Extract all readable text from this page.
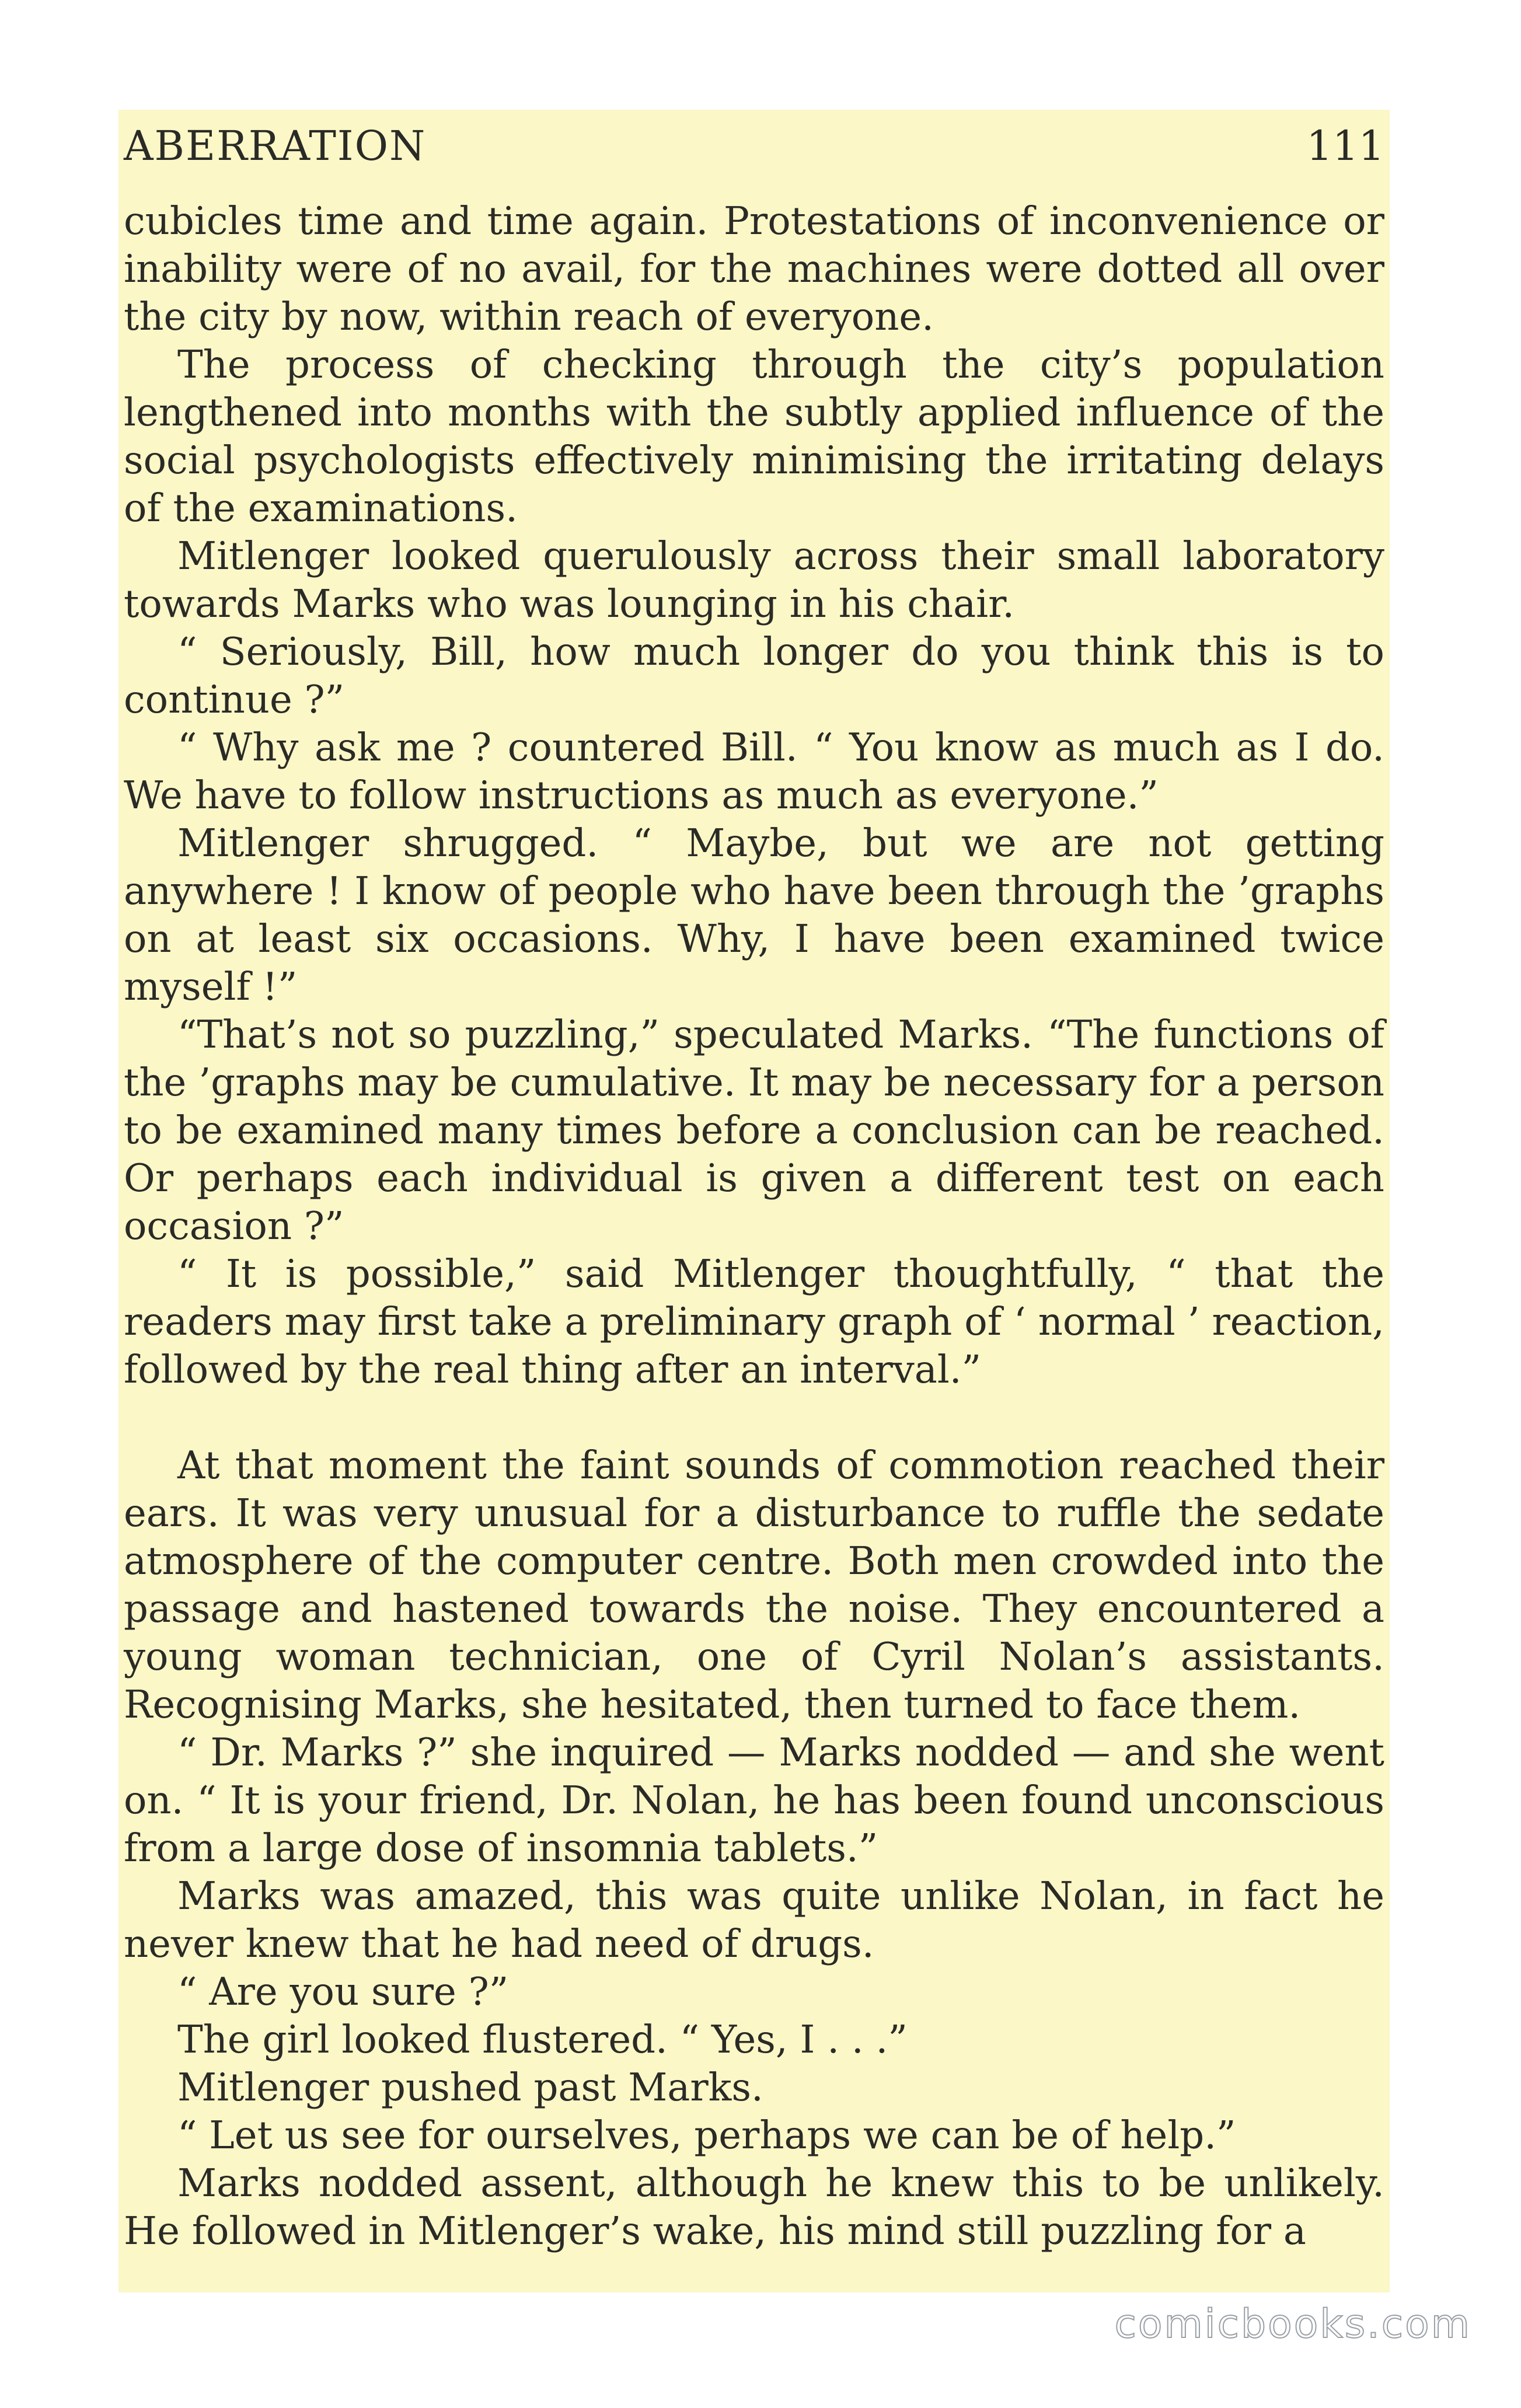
ABERRATION	111

cubicles time and time again. Protestations of inconvenience or inability were of no avail, for the machines were dotted all over the city by now, within reach of everyone.

The process of checking through the city’s population lengthened into months with the subtly applied influence of the social psychologists effectively minimising the irritating delays of the examinations.

Mitlenger looked querulously across their small laboratory towards Marks who was lounging in his chair.

“ Seriously, Bill, how much longer do you think this is to continue ?”

“ Why ask me ? countered Bill. “ You know as much as I do. We have to follow instructions as much as everyone.”

Mitlenger shrugged. “ Maybe, but we are not getting anywhere ! I know of people who have been through the ’graphs on at least six occasions. Why, I have been examined twice myself !”

“That’s not so puzzling,” speculated Marks. “The functions of the ’graphs may be cumulative. It may be necessary for a person to be examined many times before a conclusion can be reached. Or perhaps each individual is given a different test on each occasion ?”

“ It is possible,” said Mitlenger thoughtfully, “ that the readers may first take a preliminary graph of ‘ normal ’ reaction, followed by the real thing after an interval.”

At that moment the faint sounds of commotion reached their ears. It was very unusual for a disturbance to ruffle the sedate atmosphere of the computer centre. Both men crowded into the passage and hastened towards the noise. They encountered a young woman technician, one of Cyril Nolan’s assistants. Recognising Marks, she hesitated, then turned to face them.

“ Dr. Marks ?” she inquired — Marks nodded — and she went on. “ It is your friend, Dr. Nolan, he has been found unconscious from a large dose of insomnia tablets.”

Marks was amazed, this was quite unlike Nolan, in fact he never knew that he had need of drugs.

“ Are you sure ?”

The girl looked flustered. “ Yes, I . . .”

Mitlenger pushed past Marks.

“ Let us see for ourselves, perhaps we can be of help.”

Marks nodded assent, although he knew this to be unlikely. He followed in Mitlenger’s wake, his mind still puzzling for a

comicbooks.com
